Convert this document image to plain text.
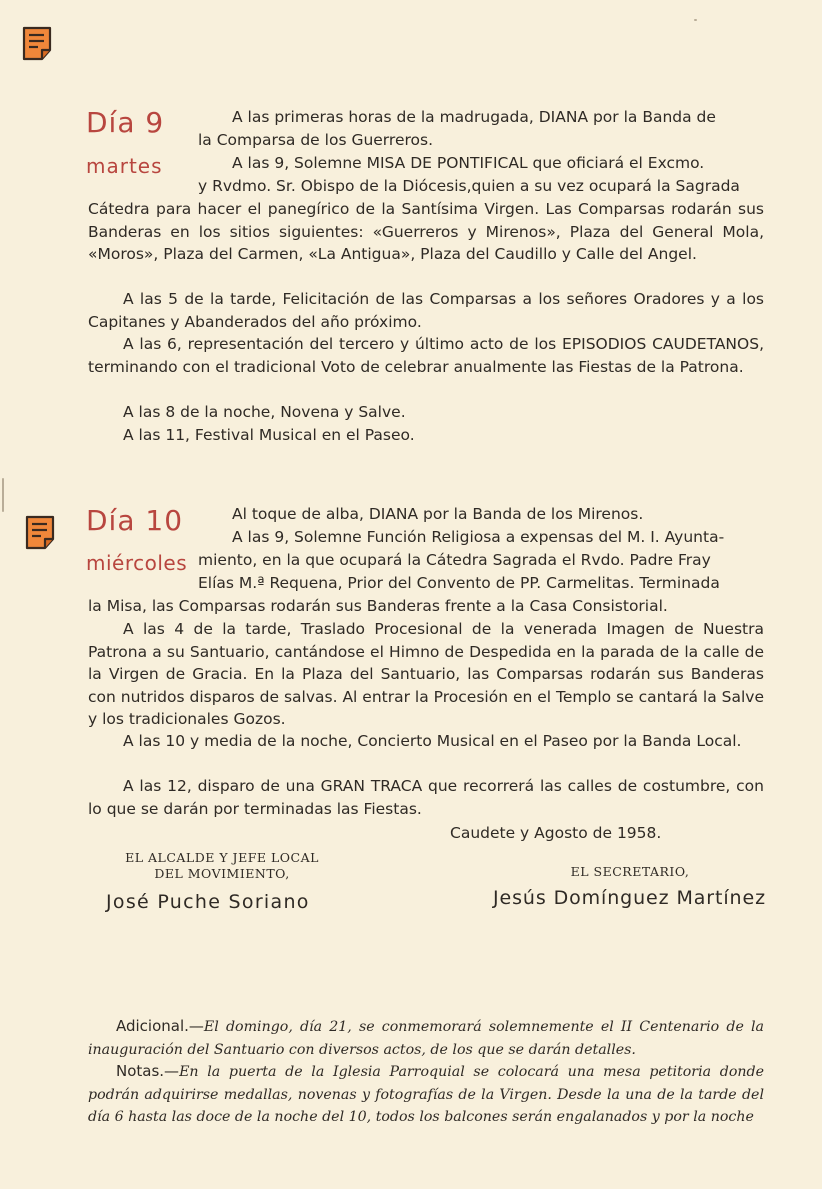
Día 9
martes
A las primeras horas de la madrugada, DIANA por la Banda de
la Comparsa de los Guerreros.
A las 9, Solemne MISA DE PONTIFICAL que oficiará el Excmo.
y Rvdmo. Sr. Obispo de la Diócesis,quien a su vez ocupará la Sagrada

Cátedra para hacer el panegírico de la Santísima Virgen. Las Comparsas rodarán sus Banderas en los sitios siguientes: «Guerreros y Mirenos», Plaza del General Mola, «Moros», Plaza del Carmen, «La Antigua», Plaza del Caudillo y Calle del Angel.

A las 5 de la tarde, Felicitación de las Comparsas a los señores Oradores y a los Capitanes y Abanderados del año próximo.

A las 6, representación del tercero y último acto de los EPISODIOS CAUDETANOS, terminando con el tradicional Voto de celebrar anualmente las Fiestas de la Patrona.

A las 8 de la noche, Novena y Salve.

A las 11, Festival Musical en el Paseo.

Día 10
miércoles
Al toque de alba, DIANA por la Banda de los Mirenos.
A las 9, Solemne Función Religiosa a expensas del M. I. Ayunta-
miento, en la que ocupará la Cátedra Sagrada el Rvdo. Padre Fray
Elías M.ª Requena, Prior del Convento de PP. Carmelitas. Terminada

la Misa, las Comparsas rodarán sus Banderas frente a la Casa Consistorial.

A las 4 de la tarde, Traslado Procesional de la venerada Imagen de Nuestra Patrona a su Santuario, cantándose el Himno de Despedida en la parada de la calle de la Virgen de Gracia. En la Plaza del Santuario, las Comparsas rodarán sus Banderas con nutridos disparos de salvas. Al entrar la Procesión en el Templo se cantará la Salve y los tradicionales Gozos.

A las 10 y media de la noche, Concierto Musical en el Paseo por la Banda Local.

A las 12, disparo de una GRAN TRACA que recorrerá las calles de costumbre, con lo que se darán por terminadas las Fiestas.

Caudete y Agosto de 1958.
EL ALCALDE Y JEFE LOCAL
DEL MOVIMIENTO,
José Puche Soriano
EL SECRETARIO,
Jesús Domínguez Martínez

Adicional.—El domingo, día 21, se conmemorará solemnemente el II Centenario de la inauguración del Santuario con diversos actos, de los que se darán detalles.

Notas.—En la puerta de la Iglesia Parroquial se colocará una mesa petitoria donde podrán adquirirse medallas, novenas y fotografías de la Virgen. Desde la una de la tarde del día 6 hasta las doce de la noche del 10, todos los balcones serán engalanados y por la noche
